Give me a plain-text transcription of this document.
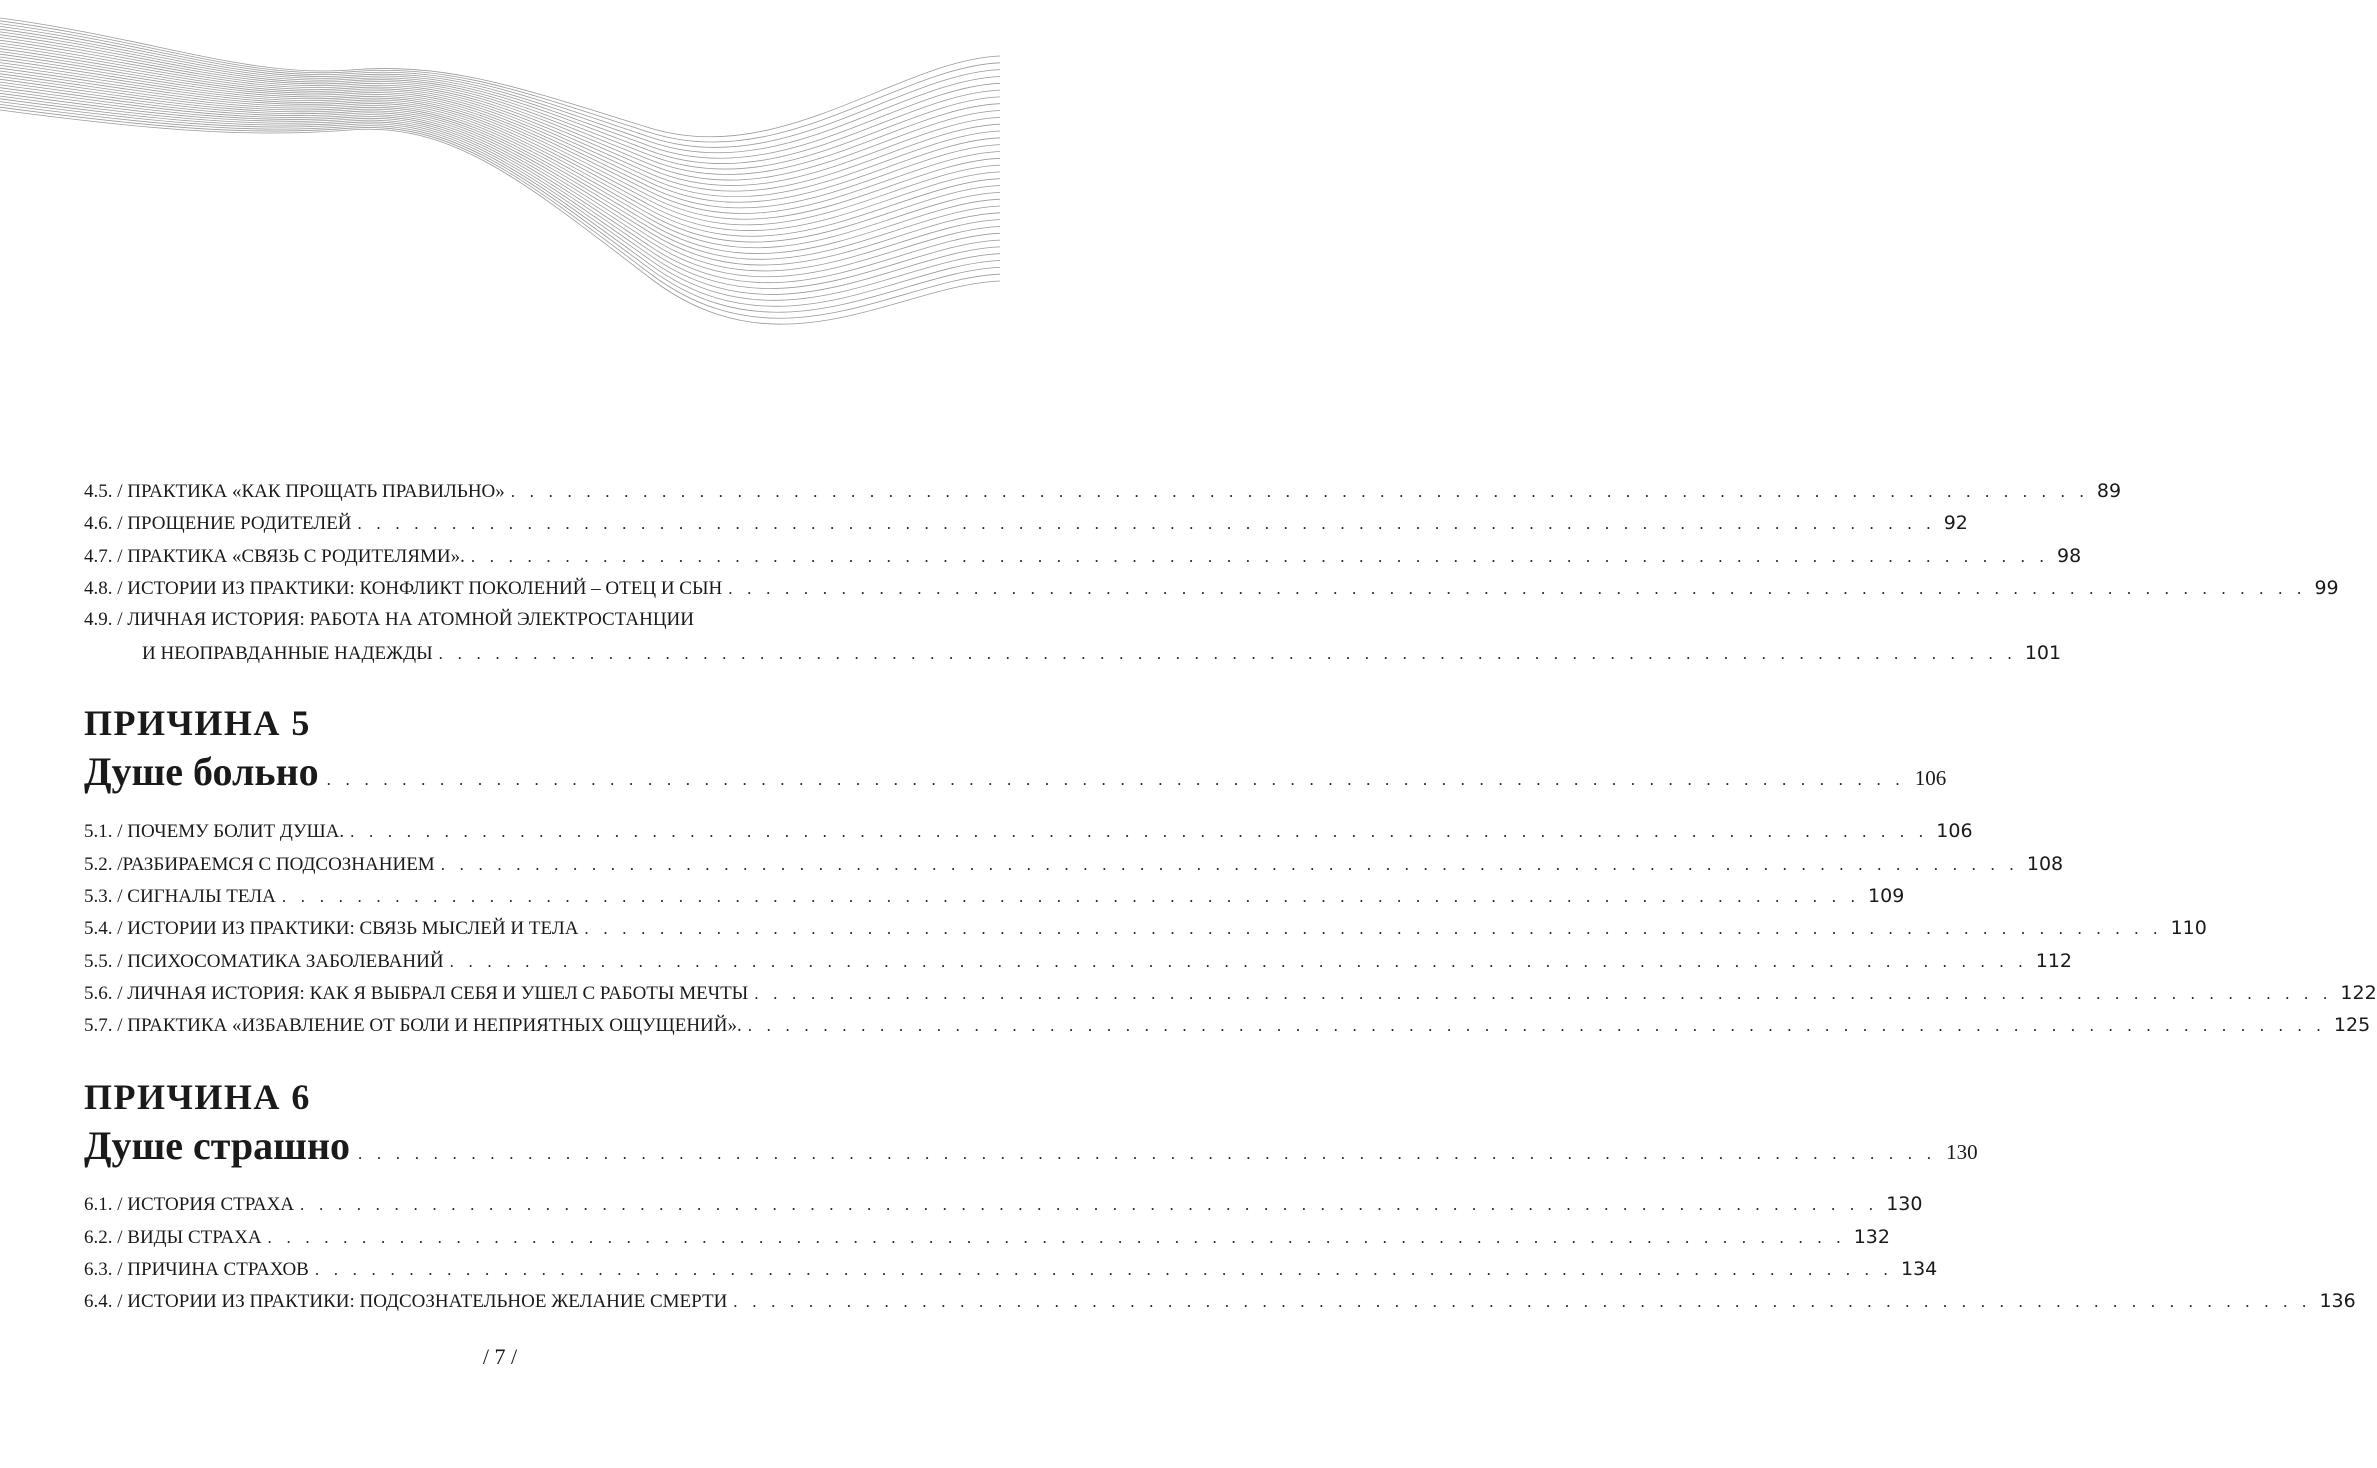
4.5. / ПРАКТИКА «КАК ПРОЩАТЬ ПРАВИЛЬНО» . . . . . . . . . . . . . . . . . . . . . . . . . . . . . . . . . . . . . . . . . . . . . . . . . . . . . . . . . . . . . . . . . . . . . . . . . . . . . . . . . . . . 89
4.6. / ПРОЩЕНИЕ РОДИТЕЛЕЙ . . . . . . . . . . . . . . . . . . . . . . . . . . . . . . . . . . . . . . . . . . . . . . . . . . . . . . . . . . . . . . . . . . . . . . . . . . . . . . . . . . . . 92
4.7. / ПРАКТИКА «СВЯЗЬ С РОДИТЕЛЯМИ». . . . . . . . . . . . . . . . . . . . . . . . . . . . . . . . . . . . . . . . . . . . . . . . . . . . . . . . . . . . . . . . . . . . . . . . . . . . . . . . . . . . . 98
4.8. / ИСТОРИИ ИЗ ПРАКТИКИ: КОНФЛИКТ ПОКОЛЕНИЙ – ОТЕЦ И СЫН . . . . . . . . . . . . . . . . . . . . . . . . . . . . . . . . . . . . . . . . . . . . . . . . . . . . . . . . . . . . . . . . . . . . . . . . . . . . . . . . . . . . 99
4.9. / ЛИЧНАЯ ИСТОРИЯ: РАБОТА НА АТОМНОЙ ЭЛЕКТРОСТАНЦИИ
И НЕОПРАВДАННЫЕ НАДЕЖДЫ . . . . . . . . . . . . . . . . . . . . . . . . . . . . . . . . . . . . . . . . . . . . . . . . . . . . . . . . . . . . . . . . . . . . . . . . . . . . . . . . . . . . 101
ПРИЧИНА 5
Душе больно . . . . . . . . . . . . . . . . . . . . . . . . . . . . . . . . . . . . . . . . . . . . . . . . . . . . . . . . . . . . . . . . . . . . . . . . . . . . . . . . . . . . 106
5.1. / ПОЧЕМУ БОЛИТ ДУША. . . . . . . . . . . . . . . . . . . . . . . . . . . . . . . . . . . . . . . . . . . . . . . . . . . . . . . . . . . . . . . . . . . . . . . . . . . . . . . . . . . . . 106
5.2. / РАЗБИРАЕМСЯ С ПОДСОЗНАНИЕМ . . . . . . . . . . . . . . . . . . . . . . . . . . . . . . . . . . . . . . . . . . . . . . . . . . . . . . . . . . . . . . . . . . . . . . . . . . . . . . . . . . . . 108
5.3. / СИГНАЛЫ ТЕЛА . . . . . . . . . . . . . . . . . . . . . . . . . . . . . . . . . . . . . . . . . . . . . . . . . . . . . . . . . . . . . . . . . . . . . . . . . . . . . . . . . . . . 109
5.4. / ИСТОРИИ ИЗ ПРАКТИКИ: СВЯЗЬ МЫСЛЕЙ И ТЕЛА . . . . . . . . . . . . . . . . . . . . . . . . . . . . . . . . . . . . . . . . . . . . . . . . . . . . . . . . . . . . . . . . . . . . . . . . . . . . . . . . . . . . 110
5.5. / ПСИХОСОМАТИКА ЗАБОЛЕВАНИЙ . . . . . . . . . . . . . . . . . . . . . . . . . . . . . . . . . . . . . . . . . . . . . . . . . . . . . . . . . . . . . . . . . . . . . . . . . . . . . . . . . . . . 112
5.6. / ЛИЧНАЯ ИСТОРИЯ: КАК Я ВЫБРАЛ СЕБЯ И УШЕЛ С РАБОТЫ МЕЧТЫ . . . . . . . . . . . . . . . . . . . . . . . . . . . . . . . . . . . . . . . . . . . . . . . . . . . . . . . . . . . . . . . . . . . . . . . . . . . . . . . . . . . . 122
5.7. / ПРАКТИКА «ИЗБАВЛЕНИЕ ОТ БОЛИ И НЕПРИЯТНЫХ ОЩУЩЕНИЙ». . . . . . . . . . . . . . . . . . . . . . . . . . . . . . . . . . . . . . . . . . . . . . . . . . . . . . . . . . . . . . . . . . . . . . . . . . . . . . . . . . . . . 125
ПРИЧИНА 6
Душе страшно . . . . . . . . . . . . . . . . . . . . . . . . . . . . . . . . . . . . . . . . . . . . . . . . . . . . . . . . . . . . . . . . . . . . . . . . . . . . . . . . . . . . 130
6.1. / ИСТОРИЯ СТРАХА . . . . . . . . . . . . . . . . . . . . . . . . . . . . . . . . . . . . . . . . . . . . . . . . . . . . . . . . . . . . . . . . . . . . . . . . . . . . . . . . . . . . 130
6.2. / ВИДЫ СТРАХА . . . . . . . . . . . . . . . . . . . . . . . . . . . . . . . . . . . . . . . . . . . . . . . . . . . . . . . . . . . . . . . . . . . . . . . . . . . . . . . . . . . . 132
6.3. / ПРИЧИНА СТРАХОВ . . . . . . . . . . . . . . . . . . . . . . . . . . . . . . . . . . . . . . . . . . . . . . . . . . . . . . . . . . . . . . . . . . . . . . . . . . . . . . . . . . . . 134
6.4. / ИСТОРИИ ИЗ ПРАКТИКИ: ПОДСОЗНАТЕЛЬНОЕ ЖЕЛАНИЕ СМЕРТИ . . . . . . . . . . . . . . . . . . . . . . . . . . . . . . . . . . . . . . . . . . . . . . . . . . . . . . . . . . . . . . . . . . . . . . . . . . . . . . . . . . . . 136
/ 7 /
